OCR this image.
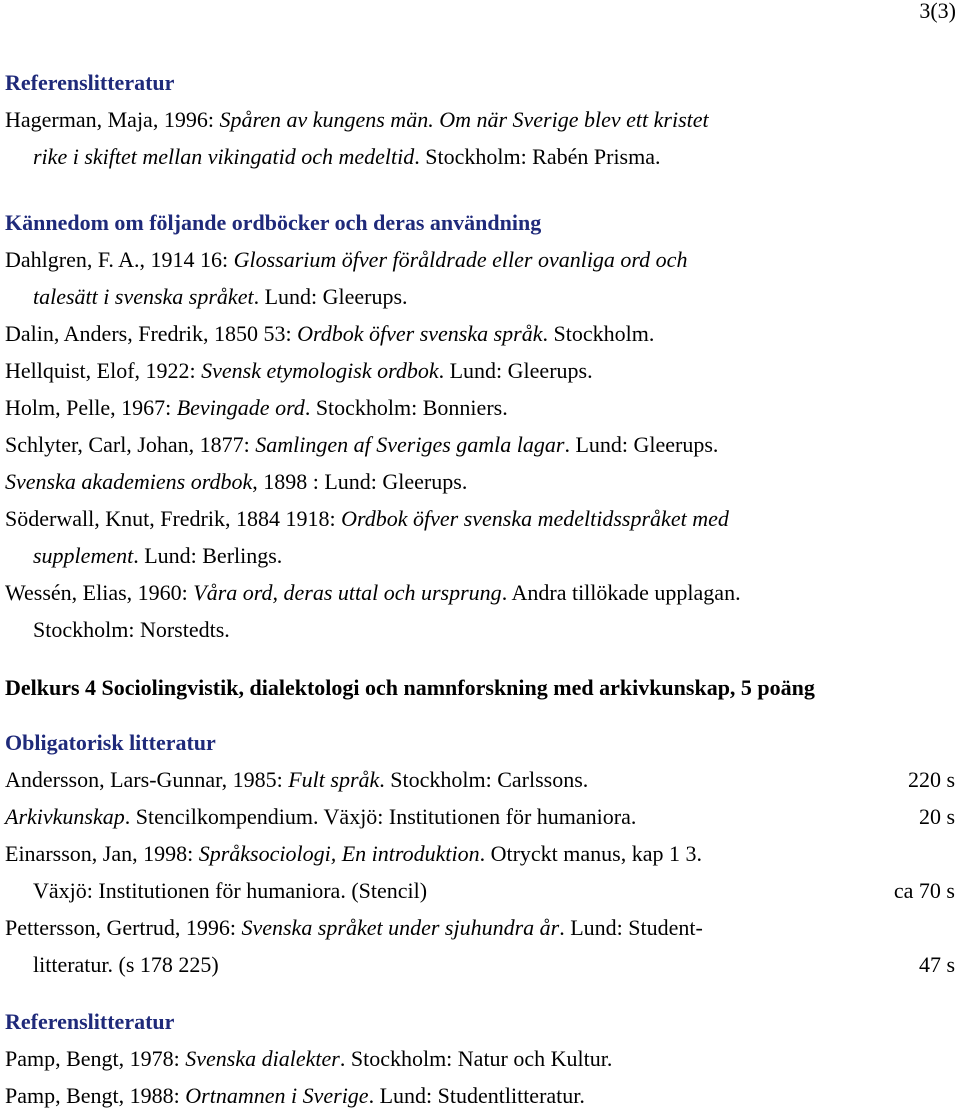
3(3)
Referenslitteratur
Hagerman, Maja, 1996: Spåren av kungens män. Om när Sverige blev ett kristet
rike i skiftet mellan vikingatid och medeltid. Stockholm: Rabén Prisma.
Kännedom om följande ordböcker och deras användning
Dahlgren, F. A., 1914 16: Glossarium öfver föråldrade eller ovanliga ord och
talesätt i svenska språket. Lund: Gleerups.
Dalin, Anders, Fredrik, 1850 53: Ordbok öfver svenska språk. Stockholm.
Hellquist, Elof, 1922: Svensk etymologisk ordbok. Lund: Gleerups.
Holm, Pelle, 1967: Bevingade ord. Stockholm: Bonniers.
Schlyter, Carl, Johan, 1877: Samlingen af Sveriges gamla lagar. Lund: Gleerups.
Svenska akademiens ordbok, 1898 : Lund: Gleerups.
Söderwall, Knut, Fredrik, 1884 1918: Ordbok öfver svenska medeltidsspråket med
supplement. Lund: Berlings.
Wessén, Elias, 1960: Våra ord, deras uttal och ursprung. Andra tillökade upplagan.
Stockholm: Norstedts.
Delkurs 4 Sociolingvistik, dialektologi och namnforskning med arkivkunskap, 5 poäng
Obligatorisk litteratur
Andersson, Lars-Gunnar, 1985: Fult språk. Stockholm: Carlssons.	220 s
Arkivkunskap. Stencilkompendium. Växjö: Institutionen för humaniora.	20 s
Einarsson, Jan, 1998: Språksociologi, En introduktion. Otryckt manus, kap 1 3.
Växjö: Institutionen för humaniora. (Stencil)	ca 70 s
Pettersson, Gertrud, 1996: Svenska språket under sjuhundra år. Lund: Student-
litteratur. (s 178 225)	47 s
Referenslitteratur
Pamp, Bengt, 1978: Svenska dialekter. Stockholm: Natur och Kultur.
Pamp, Bengt, 1988: Ortnamnen i Sverige. Lund: Studentlitteratur.
